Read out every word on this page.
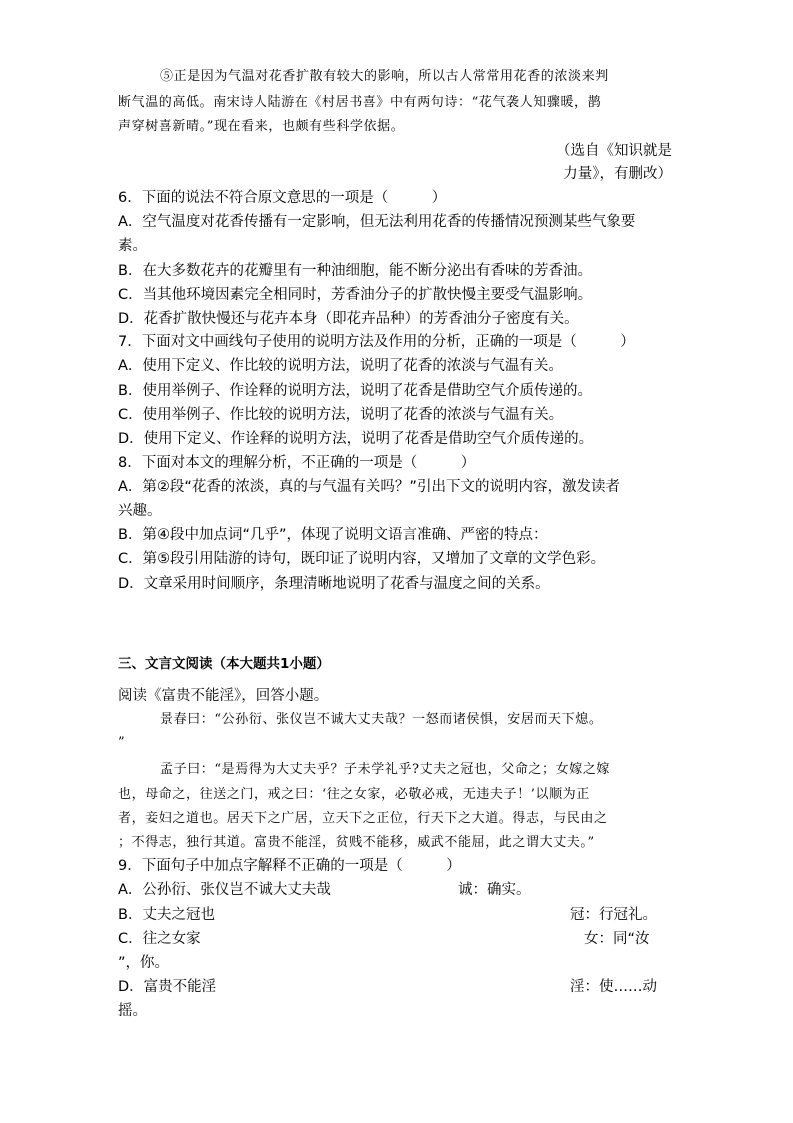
⑤正是因为气温对花香扩散有较大的影响，所以古人常常用花香的浓淡来判
断气温的高低。南宋诗人陆游在《村居书喜》中有两句诗：“花气袭人知骤暖，鹊
声穿树喜新晴。”现在看来，也颇有些科学依据。
（选自《知识就是
力量》，有删改）
6．下面的说法不符合原文意思的一项是（　　　）
A．空气温度对花香传播有一定影响，但无法利用花香的传播情况预测某些气象要
素。
B．在大多数花卉的花瓣里有一种油细胞，能不断分泌出有香味的芳香油。
C．当其他环境因素完全相同时，芳香油分子的扩散快慢主要受气温影响。
D．花香扩散快慢还与花卉本身（即花卉品种）的芳香油分子密度有关。
7．下面对文中画线句子使用的说明方法及作用的分析，正确的一项是（　　　）
A．使用下定义、作比较的说明方法，说明了花香的浓淡与气温有关。
B．使用举例子、作诠释的说明方法，说明了花香是借助空气介质传递的。
C．使用举例子、作比较的说明方法，说明了花香的浓淡与气温有关。
D．使用下定义、作诠释的说明方法，说明了花香是借助空气介质传递的。
8．下面对本文的理解分析，不正确的一项是（　　　）
A．第②段“花香的浓淡，真的与气温有关吗？”引出下文的说明内容，激发读者
兴趣。
B．第④段中加点词“几乎”，体现了说明文语言准确、严密的特点：
C．第⑤段引用陆游的诗句，既印证了说明内容，又增加了文章的文学色彩。
D．文章采用时间顺序，条理清晰地说明了花香与温度之间的关系。
三、文言文阅读（本大题共1小题）
阅读《富贵不能淫》，回答小题。
景春曰：“公孙衍、张仪岂不诚大丈夫哉？一怒而诸侯惧，安居而天下熄。
”
孟子曰：“是焉得为大丈夫乎？子未学礼乎?丈夫之冠也，父命之；女嫁之嫁
也，母命之，往送之门，戒之曰：‘往之女家，必敬必戒，无违夫子！’以顺为正
者，妾妇之道也。居天下之广居，立天下之正位，行天下之大道。得志，与民由之
；不得志，独行其道。富贵不能淫，贫贱不能移，威武不能屈，此之谓大丈夫。”
9．下面句子中加点字解释不正确的一项是（　　　）
A．公孙衍、张仪岂不诚大丈夫哉	诚：确实。
B．丈夫之冠也	冠：行冠礼。
C．往之女家	女：同“汝
”，你。
D．富贵不能淫	淫：使……动
摇。
